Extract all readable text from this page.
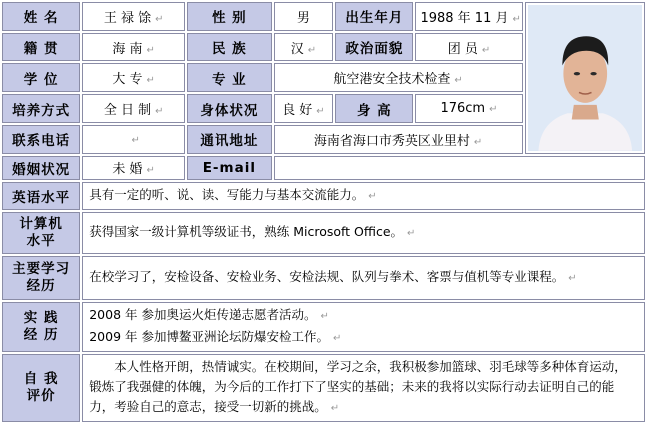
姓 名	王 禄 馀 ↵	性 别	男	出生年月	1988 年 11 月 ↵	

籍 贯	海 南 ↵	民 族	汉 ↵	政治面貌	团 员 ↵	
学 位	大 专 ↵	专 业	航空港安全技术检查 ↵			
培养方式	全 日 制 ↵	身体状况	良 好 ↵	身 高	176cm ↵	
联系电话	↵	通讯地址	海南省海口市秀英区业里村 ↵			
婚姻状况	未 婚 ↵	E-mail				
英语水平	具有一定的听、说、读、写能力与基本交流能力。 ↵					

计算机
水平	获得国家一级计算机等级证书，熟练 Microsoft Office。 ↵					

主要学习
经历	在校学习了，安检设备、安检业务、安检法规、队列与拳术、客票与值机等专业课程。 ↵					

实 践
经 历	2008 年 参加奥运火炬传递志愿者活动。 ↵
2009 年 参加博鳌亚洲论坛防爆安检工作。 ↵					

自 我
评价	本人性格开朗，热情诚实。在校期间，学习之余，我积极参加篮球、羽毛球等多种体育运动，锻炼了我强健的体魄，为今后的工作打下了坚实的基础；未来的我将以实际行动去证明自己的能力，考验自己的意志，接受一切新的挑战。 ↵					
